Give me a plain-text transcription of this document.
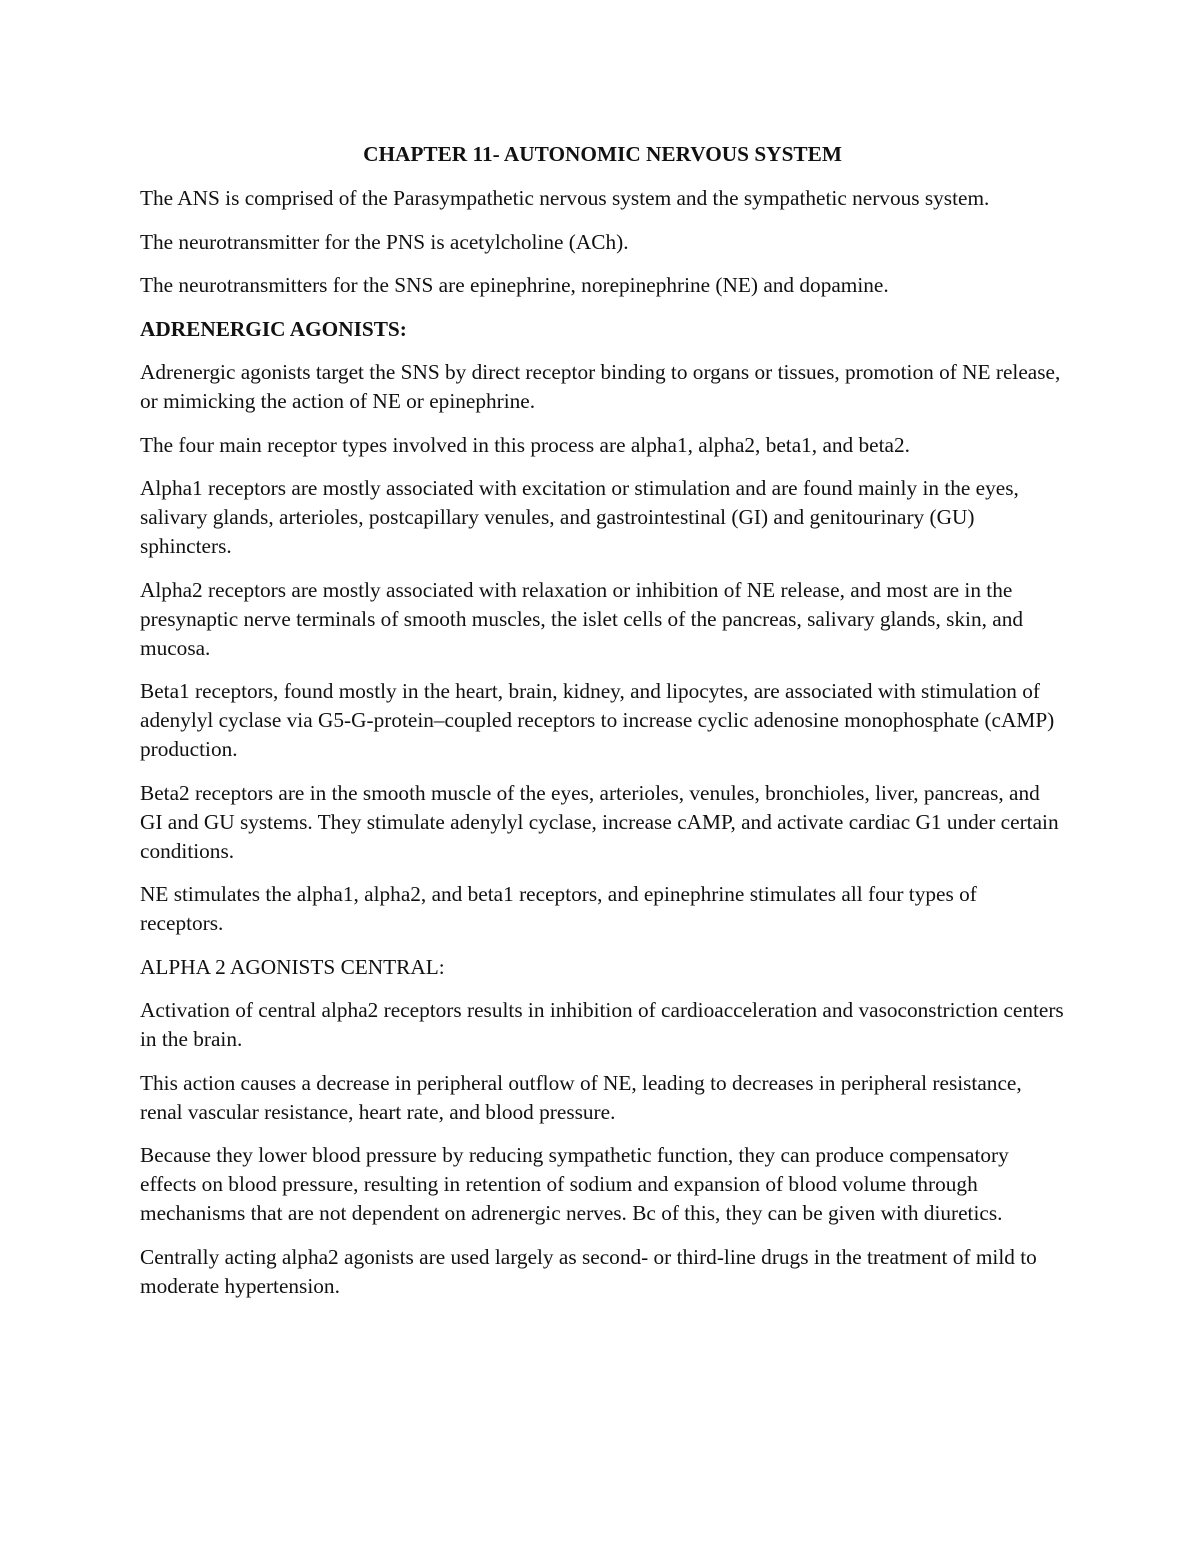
CHAPTER 11- AUTONOMIC NERVOUS SYSTEM

The ANS is comprised of the Parasympathetic nervous system and the sympathetic nervous system.

The neurotransmitter for the PNS is acetylcholine (ACh).

The neurotransmitters for the SNS are epinephrine, norepinephrine (NE) and dopamine.

ADRENERGIC AGONISTS:

Adrenergic agonists target the SNS by direct receptor binding to organs or tissues, promotion of NE release, or mimicking the action of NE or epinephrine.

The four main receptor types involved in this process are alpha1, alpha2, beta1, and beta2.

Alpha1 receptors are mostly associated with excitation or stimulation and are found mainly in the eyes, salivary glands, arterioles, postcapillary venules, and gastrointestinal (GI) and genitourinary (GU) sphincters.

Alpha2 receptors are mostly associated with relaxation or inhibition of NE release, and most are in the presynaptic nerve terminals of smooth muscles, the islet cells of the pancreas, salivary glands, skin, and mucosa.

Beta1 receptors, found mostly in the heart, brain, kidney, and lipocytes, are associated with stimulation of adenylyl cyclase via G5-G-protein–coupled receptors to increase cyclic adenosine monophosphate (cAMP) production.

Beta2 receptors are in the smooth muscle of the eyes, arterioles, venules, bronchioles, liver, pancreas, and GI and GU systems. They stimulate adenylyl cyclase, increase cAMP, and activate cardiac G1 under certain conditions.

NE stimulates the alpha1, alpha2, and beta1 receptors, and epinephrine stimulates all four types of receptors.

ALPHA 2 AGONISTS CENTRAL:

Activation of central alpha2 receptors results in inhibition of cardioacceleration and vasoconstriction centers in the brain.

This action causes a decrease in peripheral outflow of NE, leading to decreases in peripheral resistance, renal vascular resistance, heart rate, and blood pressure.

Because they lower blood pressure by reducing sympathetic function, they can produce compensatory effects on blood pressure, resulting in retention of sodium and expansion of blood volume through mechanisms that are not dependent on adrenergic nerves. Bc of this, they can be given with diuretics.

Centrally acting alpha2 agonists are used largely as second- or third-line drugs in the treatment of mild to moderate hypertension.
